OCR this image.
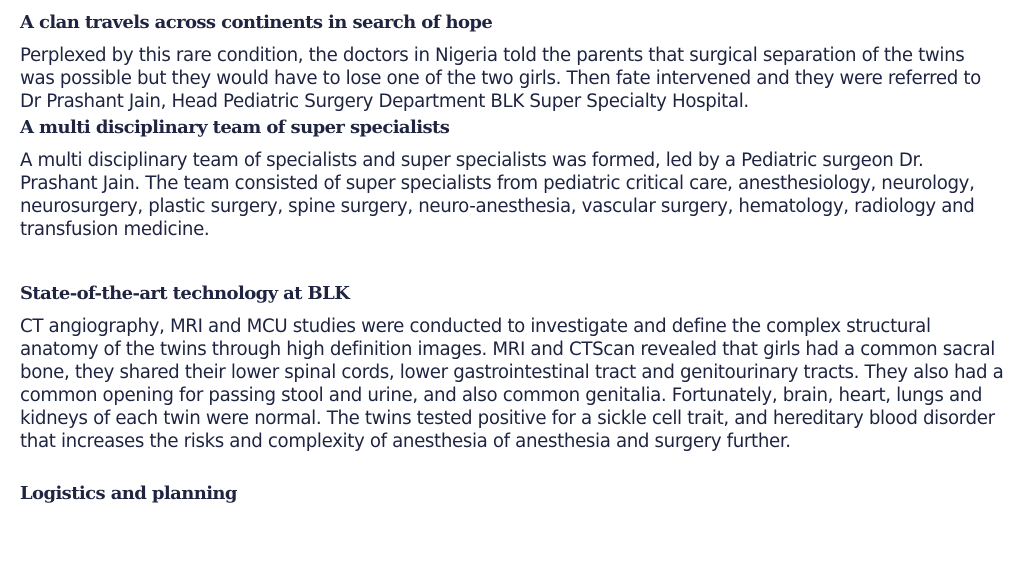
A clan travels across continents in search of hope

Perplexed by this rare condition, the doctors in Nigeria told the parents that surgical separation of the twins was possible but they would have to lose one of the two girls. Then fate intervened and they were referred to Dr Prashant Jain, Head Pediatric Surgery Department BLK Super Specialty Hospital.

A multi disciplinary team of super specialists

A multi disciplinary team of specialists and super specialists was formed, led by a Pediatric surgeon Dr. Prashant Jain. The team consisted of super specialists from pediatric critical care, anesthesiology, neurology, neurosurgery, plastic surgery, spine surgery, neuro-anesthesia, vascular surgery, hematology, radiology and transfusion medicine.

State-of-the-art technology at BLK

CT angiography, MRI and MCU studies were conducted to investigate and define the complex structural anatomy of the twins through high definition images. MRI and CTScan revealed that girls had a common sacral bone, they shared their lower spinal cords, lower gastrointestinal tract and genitourinary tracts. They also had a common opening for passing stool and urine, and also common genitalia. Fortunately, brain, heart, lungs and kidneys of each twin were normal. The twins tested positive for a sickle cell trait, and hereditary blood disorder that increases the risks and complexity of anesthesia of anesthesia and surgery further.

Logistics and planning
